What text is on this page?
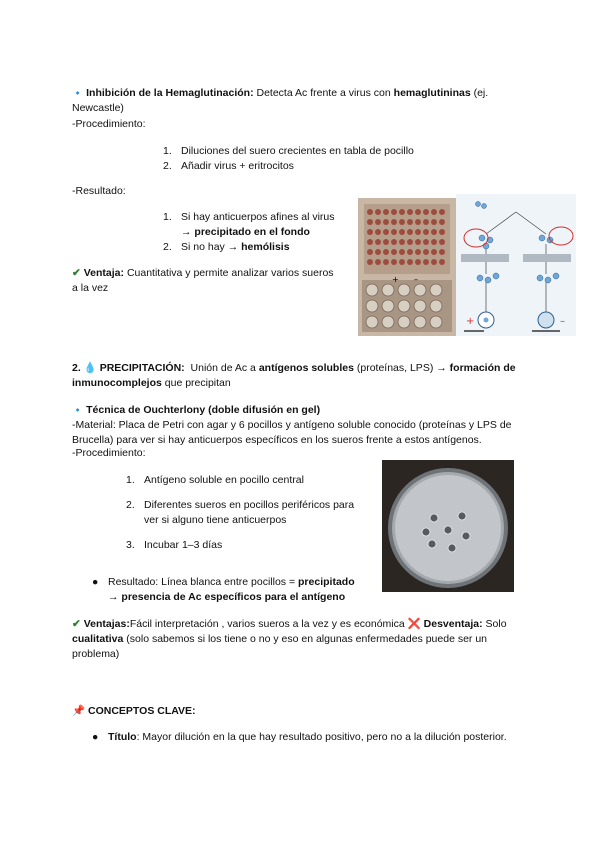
🔹 Inhibición de la Hemaglutinación: Detecta Ac frente a virus con hemaglutininas (ej. Newcastle)
-Procedimiento:
1. Diluciones del suero crecientes en tabla de pocillo
2. Añadir virus + eritrocitos
-Resultado:
1. Si hay anticuerpos afines al virus
→ precipitado en el fondo
2. Si no hay → hemólisis
✔ Ventaja: Cuantitativa y permite analizar varios sueros a la vez
+ –
+	–
2. 💧 PRECIPITACIÓN: Unión de Ac a antígenos solubles (proteínas, LPS) → formación de inmunocomplejos que precipitan
🔹 Técnica de Ouchterlony (doble difusión en gel)
-Material: Placa de Petri con agar y 6 pocillos y antígeno soluble conocido (proteínas y LPS de Brucella) para ver si hay anticuerpos específicos en los sueros frente a estos antígenos.
-Procedimiento:
1. Antígeno soluble en pocillo central
2. Diferentes sueros en pocillos periféricos para ver si alguno tiene anticuerpos
3. Incubar 1–3 días
● Resultado: Línea blanca entre pocillos = precipitado
→ presencia de Ac específicos para el antígeno
✔ Ventajas:Fácil interpretación , varios sueros a la vez y es económica ❌ Desventaja: Solo cualitativa (solo sabemos si los tiene o no y eso en algunas enfermedades puede ser un problema)
📌 CONCEPTOS CLAVE:
● Título: Mayor dilución en la que hay resultado positivo, pero no a la dilución posterior.
